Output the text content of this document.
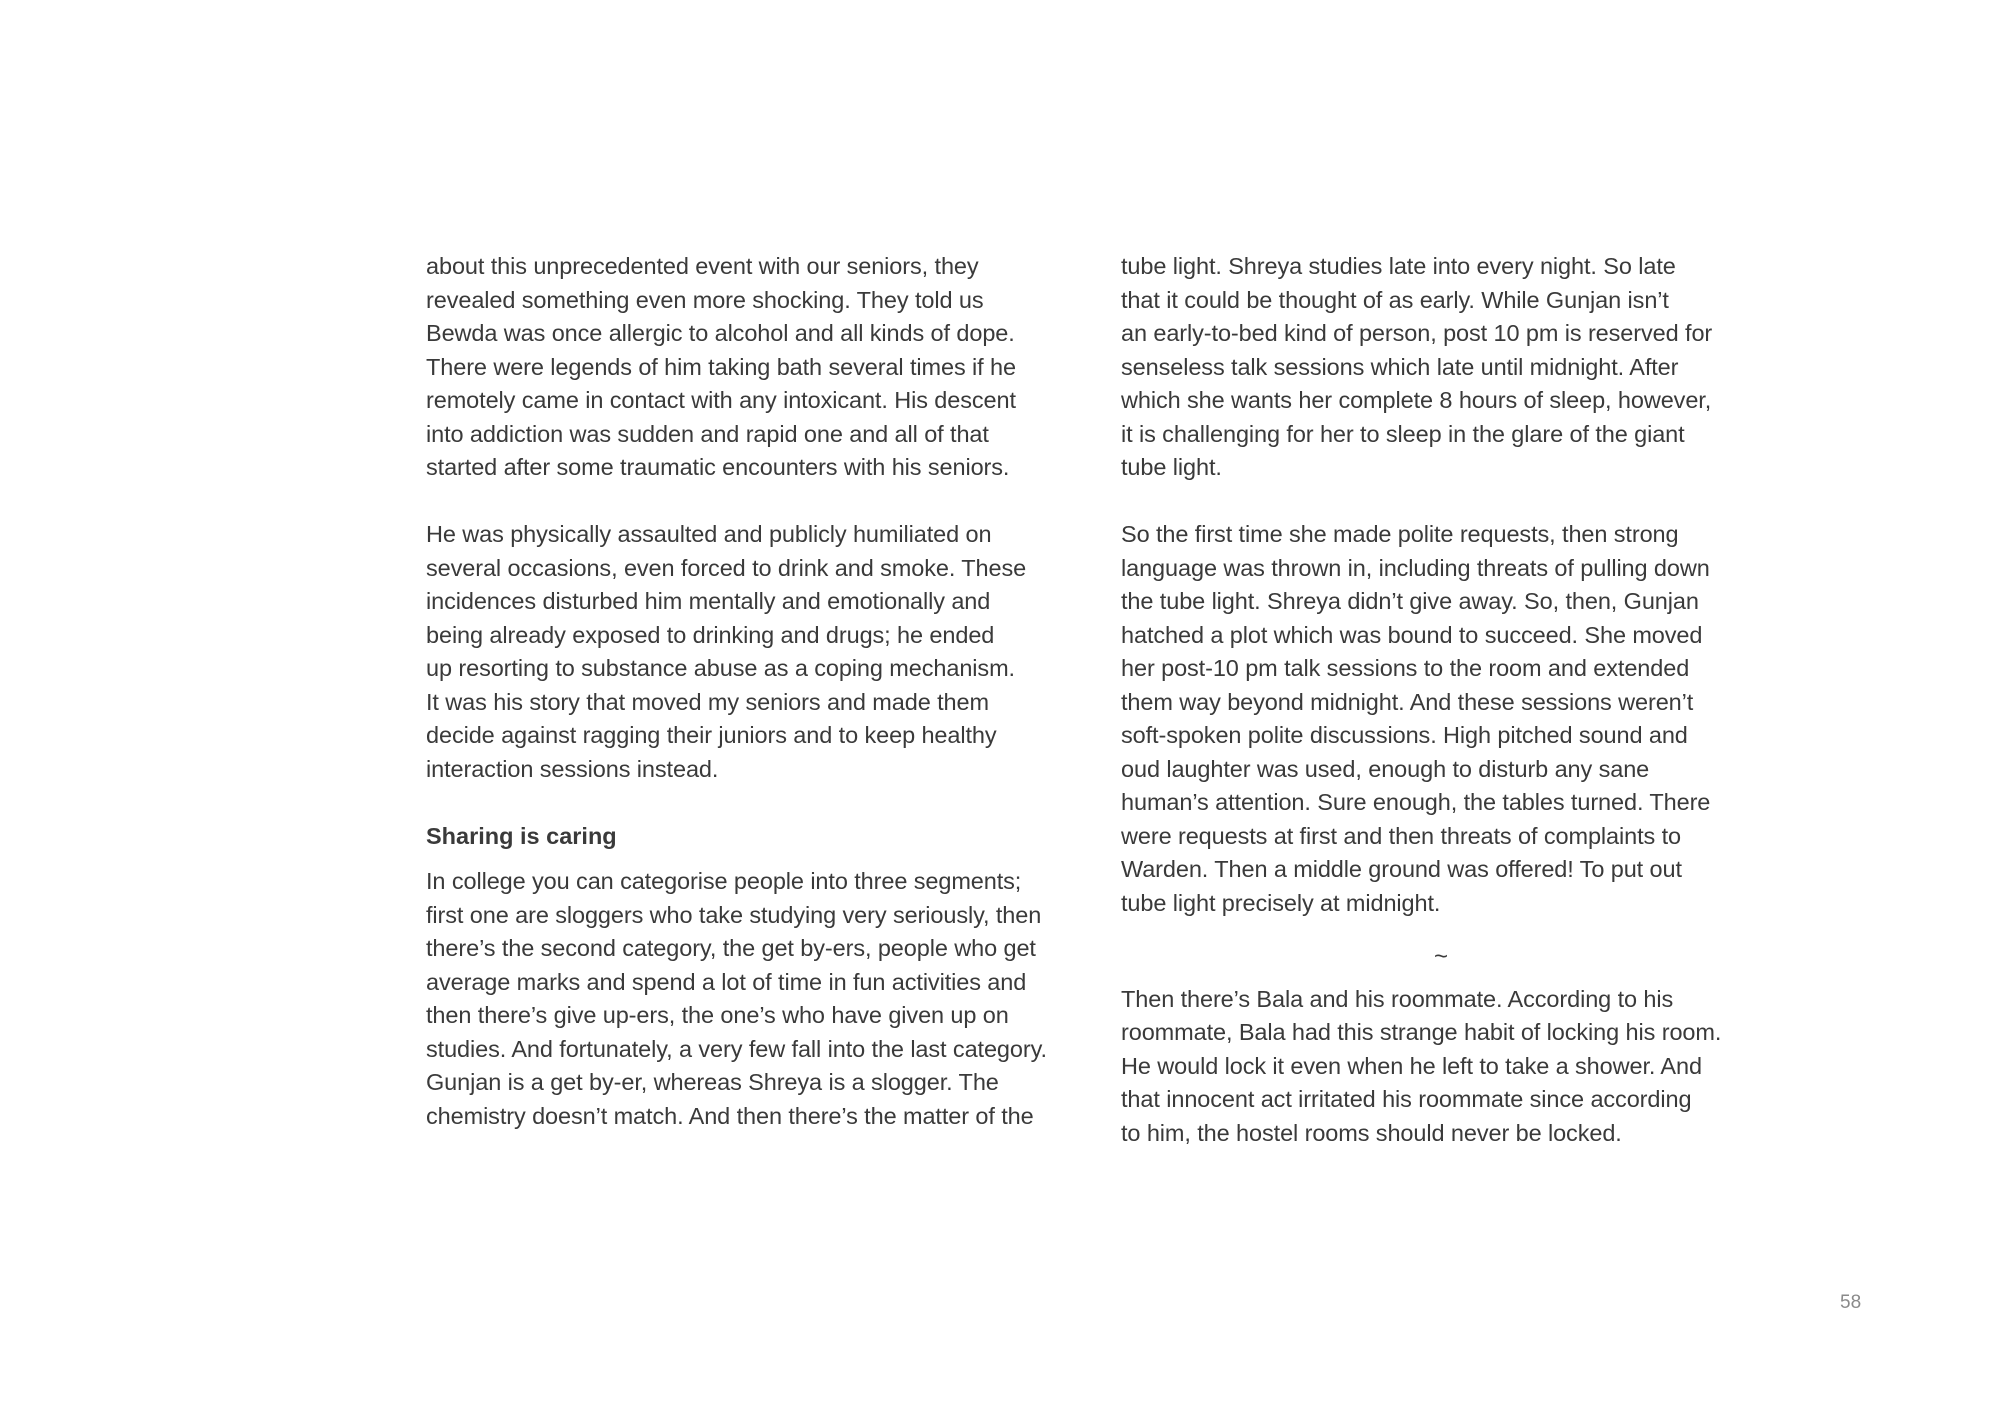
about this unprecedented event with our seniors, they
revealed something even more shocking. They told us
Bewda was once allergic to alcohol and all kinds of dope.
There were legends of him taking bath several times if he
remotely came in contact with any intoxicant. His descent
into addiction was sudden and rapid one and all of that
started after some traumatic encounters with his seniors.
He was physically assaulted and publicly humiliated on
several occasions, even forced to drink and smoke. These
incidences disturbed him mentally and emotionally and
being already exposed to drinking and drugs; he ended
up resorting to substance abuse as a coping mechanism.
It was his story that moved my seniors and made them
decide against ragging their juniors and to keep healthy
interaction sessions instead.
Sharing is caring
In college you can categorise people into three segments;
first one are sloggers who take studying very seriously, then
there’s the second category, the get by-ers, people who get
average marks and spend a lot of time in fun activities and
then there’s give up-ers, the one’s who have given up on
studies. And fortunately, a very few fall into the last category.
Gunjan is a get by-er, whereas Shreya is a slogger. The
chemistry doesn’t match. And then there’s the matter of the
tube light. Shreya studies late into every night. So late
that it could be thought of as early. While Gunjan isn’t
an early-to-bed kind of person, post 10 pm is reserved for
senseless talk sessions which late until midnight. After
which she wants her complete 8 hours of sleep, however,
it is challenging for her to sleep in the glare of the giant
tube light.
So the first time she made polite requests, then strong
language was thrown in, including threats of pulling down
the tube light. Shreya didn’t give away. So, then, Gunjan
hatched a plot which was bound to succeed. She moved
her post-10 pm talk sessions to the room and extended
them way beyond midnight. And these sessions weren’t
soft-spoken polite discussions. High pitched sound and
oud laughter was used, enough to disturb any sane
human’s attention. Sure enough, the tables turned. There
were requests at first and then threats of complaints to
Warden. Then a middle ground was offered! To put out
tube light precisely at midnight.
~
Then there’s Bala and his roommate. According to his
roommate, Bala had this strange habit of locking his room.
He would lock it even when he left to take a shower. And
that innocent act irritated his roommate since according
to him, the hostel rooms should never be locked.
58
